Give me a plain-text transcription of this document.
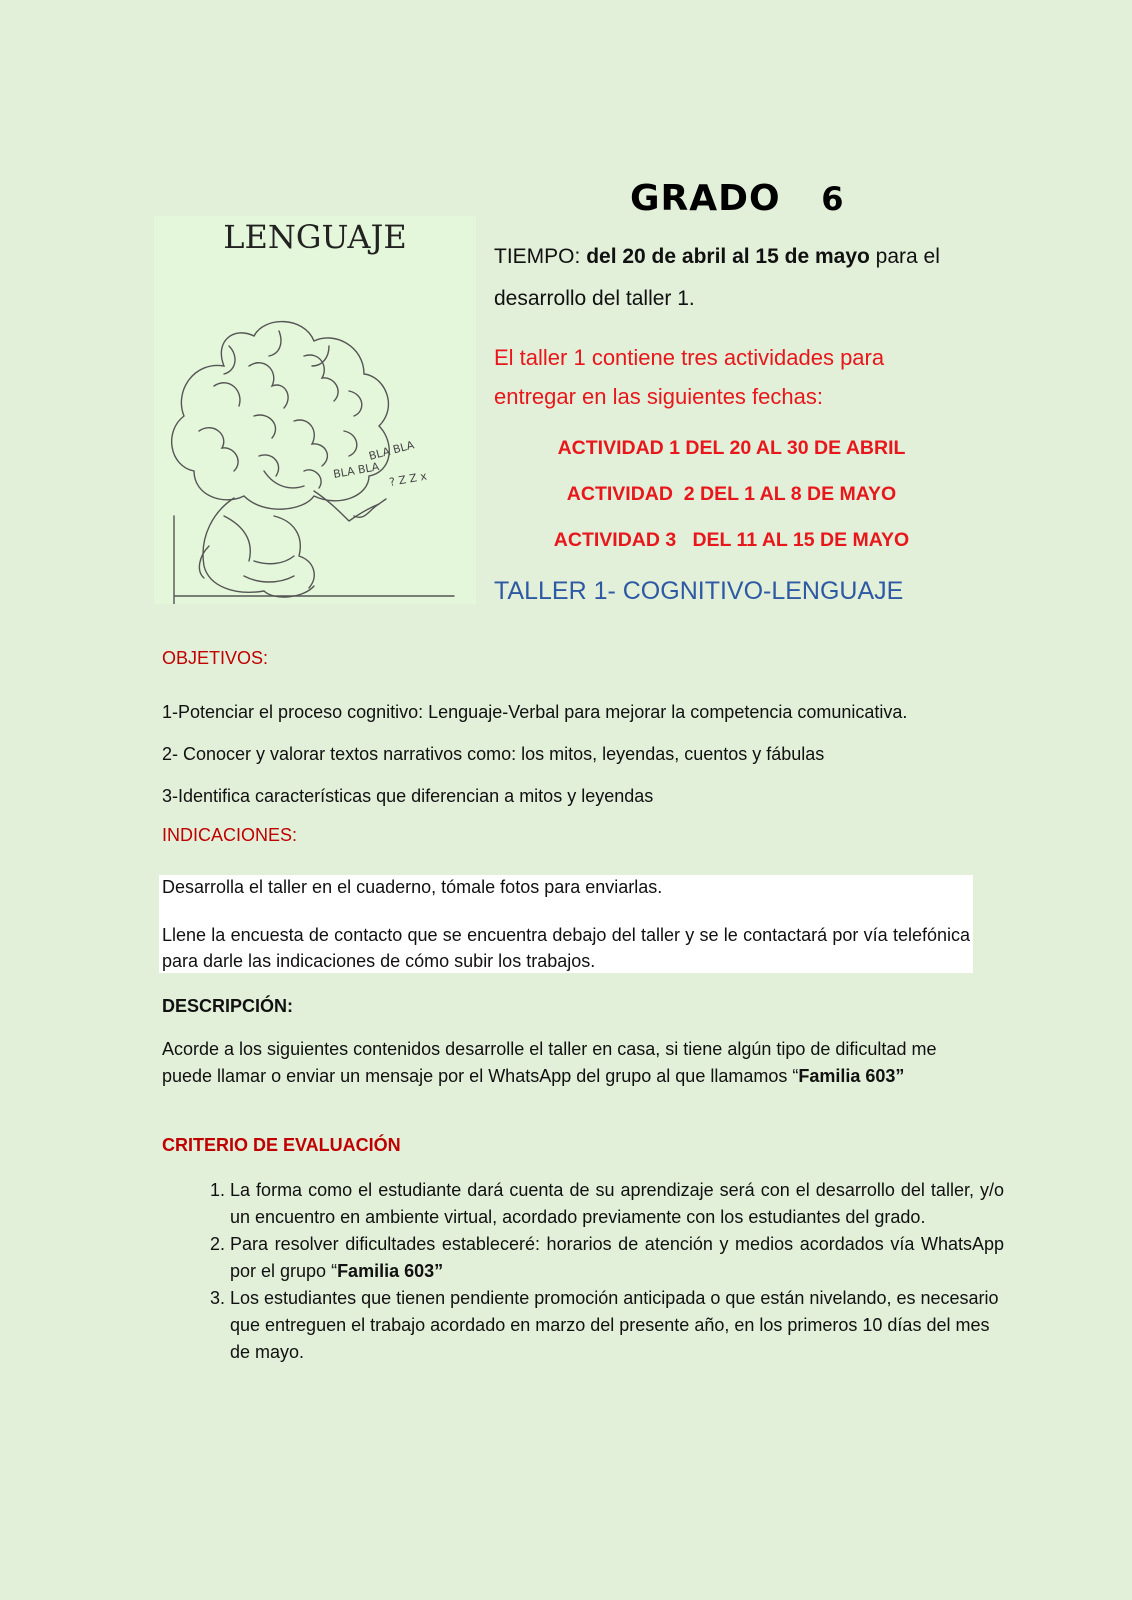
GRADO 6
BLA BLA
BLA BLA ? Z Z x
LENGUAJE
TIEMPO: del 20 de abril al 15 de mayo para el
desarrollo del taller 1.
El taller 1 contiene tres actividades para entregar en las siguientes fechas:
ACTIVIDAD 1 DEL 20 AL 30 DE ABRIL
ACTIVIDAD  2 DEL 1 AL 8 DE MAYO
ACTIVIDAD 3   DEL 11 AL 15 DE MAYO
TALLER 1- COGNITIVO-LENGUAJE
OBJETIVOS:
1-Potenciar el proceso cognitivo: Lenguaje-Verbal para mejorar la competencia comunicativa.
2- Conocer y valorar textos narrativos como: los mitos, leyendas, cuentos y fábulas
3-Identifica características que diferencian a mitos y leyendas
INDICACIONES:
Desarrolla el taller en el cuaderno, tómale fotos para enviarlas.
Llene la encuesta de contacto que se encuentra debajo del taller y se le contactará por vía telefónica para darle las indicaciones de cómo subir los trabajos.
DESCRIPCIÓN:
Acorde a los siguientes contenidos desarrolle el taller en casa, si tiene algún tipo de dificultad me puede llamar o enviar un mensaje por el WhatsApp del grupo al que llamamos “Familia 603”
CRITERIO DE EVALUACIÓN
1. La forma como el estudiante dará cuenta de su aprendizaje será con el desarrollo del taller, y/o un encuentro en ambiente virtual, acordado previamente con los estudiantes del grado.
2. Para resolver dificultades estableceré: horarios de atención y medios acordados vía WhatsApp por el grupo “Familia 603”
3. Los estudiantes que tienen pendiente promoción anticipada o que están nivelando, es necesario que entreguen el trabajo acordado en marzo del presente año, en los primeros 10 días del mes de mayo.
